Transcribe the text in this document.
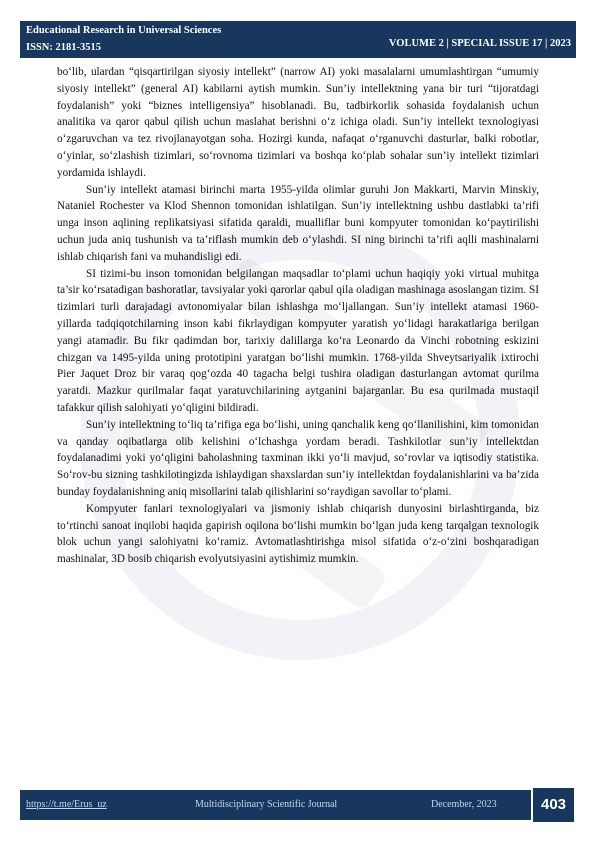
Educational Research in Universal Sciences
ISSN: 2181-3515	VOLUME 2 | SPECIAL ISSUE 17 | 2023

bo‘lib, ulardan “qisqartirilgan siyosiy intellekt” (narrow AI) yoki masalalarni umumlashtirgan “umumiy siyosiy intellekt” (general AI) kabilarni aytish mumkin. Sun’iy intellektning yana bir turi “tijoratdagi foydalanish” yoki “biznes intelligensiya” hisoblanadi. Bu, tadbirkorlik sohasida foydalanish uchun analitika va qaror qabul qilish uchun maslahat berishni o‘z ichiga oladi. Sun’iy intellekt texnologiyasi o‘zgaruvchan va tez rivojlanayotgan soha. Hozirgi kunda, nafaqat o‘rganuvchi dasturlar, balki robotlar, o‘yinlar, so‘zlashish tizimlari, so‘rovnoma tizimlari va boshqa ko‘plab sohalar sun’iy intellekt tizimlari yordamida ishlaydi.

Sun’iy intellekt atamasi birinchi marta 1955-yilda olimlar guruhi Jon Makkarti, Marvin Minskiy, Nataniel Rochester va Klod Shennon tomonidan ishlatilgan. Sun’iy intellektning ushbu dastlabki ta’rifi unga inson aqlining replikatsiyasi sifatida qaraldi, mualliflar buni kompyuter tomonidan ko‘paytirilishi uchun juda aniq tushunish va ta’riflash mumkin deb o‘ylashdi. SI ning birinchi ta’rifi aqlli mashinalarni ishlab chiqarish fani va muhandisligi edi.

SI tizimi-bu inson tomonidan belgilangan maqsadlar to‘plami uchun haqiqiy yoki virtual muhitga ta’sir ko‘rsatadigan bashoratlar, tavsiyalar yoki qarorlar qabul qila oladigan mashinaga asoslangan tizim. SI tizimlari turli darajadagi avtonomiyalar bilan ishlashga mo‘ljallangan. Sun’iy intellekt atamasi 1960-yillarda tadqiqotchilarning inson kabi fikrlaydigan kompyuter yaratish yo‘lidagi harakatlariga berilgan yangi atamadir. Bu fikr qadimdan bor, tarixiy dalillarga ko‘ra Leonardo da Vinchi robotning eskizini chizgan va 1495-yilda uning prototipini yaratgan bo‘lishi mumkin. 1768-yilda Shveytsariyalik ixtirochi Pier Jaquet Droz bir varaq qog‘ozda 40 tagacha belgi tushira oladigan dasturlangan avtomat qurilma yaratdi. Mazkur qurilmalar faqat yaratuvchilarining aytganini bajarganlar. Bu esa qurilmada mustaqil tafakkur qilish salohiyati yo‘qligini bildiradi.

Sun’iy intellektning to‘liq ta’rifiga ega bo‘lishi, uning qanchalik keng qo‘llanilishini, kim tomonidan va qanday oqibatlarga olib kelishini o‘lchashga yordam beradi. Tashkilotlar sun’iy intellektdan foydalanadimi yoki yo‘qligini baholashning taxminan ikki yo‘li mavjud, so‘rovlar va iqtisodiy statistika. So‘rov-bu sizning tashkilotingizda ishlaydigan shaxslardan sun’iy intellektdan foydalanishlarini va ba’zida bunday foydalanishning aniq misollarini talab qilishlarini so‘raydigan savollar to‘plami.

Kompyuter fanlari texnologiyalari va jismoniy ishlab chiqarish dunyosini birlashtirganda, biz to‘rtinchi sanoat inqilobi haqida gapirish oqilona bo‘lishi mumkin bo‘lgan juda keng tarqalgan texnologik blok uchun yangi salohiyatni ko‘ramiz. Avtomatlashtirishga misol sifatida o‘z-o‘zini boshqaradigan mashinalar, 3D bosib chiqarish evolyutsiyasini aytishimiz mumkin.

https://t.me/Erus_uz	Multidisciplinary Scientific Journal	December, 2023	403
